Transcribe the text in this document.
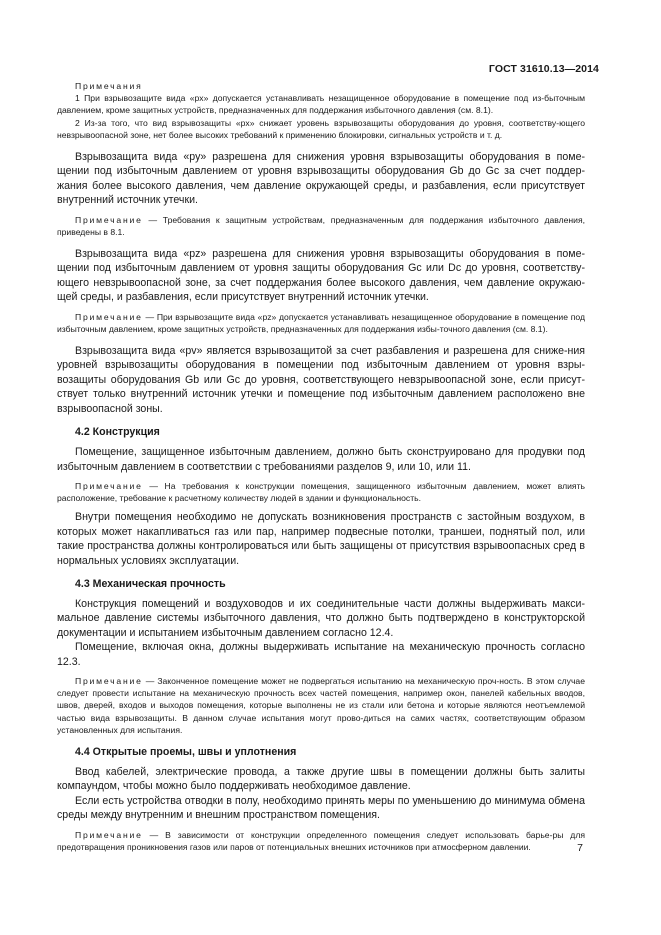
ГОСТ 31610.13—2014

Примечания

1 При взрывозащите вида «px» допускается устанавливать незащищенное оборудование в помещение под из-быточным давлением, кроме защитных устройств, предназначенных для поддержания избыточного давления (см. 8.1).

2 Из-за того, что вид взрывозащиты «px» снижает уровень взрывозащиты оборудования до уровня, соответству-ющего невзрывоопасной зоне, нет более высоких требований к применению блокировки, сигнальных устройств и т. д.

Взрывозащита вида «py» разрешена для снижения уровня взрывозащиты оборудования в поме-щении под избыточным давлением от уровня взрывозащиты оборудования Gb до Gc за счет поддер-жания более высокого давления, чем давление окружающей среды, и разбавления, если присутствует внутренний источник утечки.

Примечание — Требования к защитным устройствам, предназначенным для поддержания избыточного давления, приведены в 8.1.

Взрывозащита вида «pz» разрешена для снижения уровня взрывозащиты оборудования в поме-щении под избыточным давлением от уровня защиты оборудования Gc или Dc до уровня, соответству-ющего невзрывоопасной зоне, за счет поддержания более высокого давления, чем давление окружаю-щей среды, и разбавления, если присутствует внутренний источник утечки.

Примечание — При взрывозащите вида «pz» допускается устанавливать незащищенное оборудование в помещение под избыточным давлением, кроме защитных устройств, предназначенных для поддержания избы-точного давления (см. 8.1).

Взрывозащита вида «pv» является взрывозащитой за счет разбавления и разрешена для сниже-ния уровней взрывозащиты оборудования в помещении под избыточным давлением от уровня взры-возащиты оборудования Gb или Gc до уровня, соответствующего невзрывоопасной зоне, если присут-ствует только внутренний источник утечки и помещение под избыточным давлением расположено вне взрывоопасной зоны.

4.2 Конструкция

Помещение, защищенное избыточным давлением, должно быть сконструировано для продувки под избыточным давлением в соответствии с требованиями разделов 9, или 10, или 11.

Примечание — На требования к конструкции помещения, защищенного избыточным давлением, может влиять расположение, требование к расчетному количеству людей в здании и функциональность.

Внутри помещения необходимо не допускать возникновения пространств с застойным воздухом, в которых может накапливаться газ или пар, например подвесные потолки, траншеи, поднятый пол, или такие пространства должны контролироваться или быть защищены от присутствия взрывоопасных сред в нормальных условиях эксплуатации.

4.3 Механическая прочность

Конструкция помещений и воздуховодов и их соединительные части должны выдерживать макси-мальное давление системы избыточного давления, что должно быть подтверждено в конструкторской документации и испытанием избыточным давлением согласно 12.4.

Помещение, включая окна, должны выдерживать испытание на механическую прочность согласно 12.3.

Примечание — Законченное помещение может не подвергаться испытанию на механическую проч-ность. В этом случае следует провести испытание на механическую прочность всех частей помещения, например окон, панелей кабельных вводов, швов, дверей, входов и выходов помещения, которые выполнены не из стали или бетона и которые являются неотъемлемой частью вида взрывозащиты. В данном случае испытания могут прово-диться на самих частях, соответствующим образом установленных для испытания.

4.4 Открытые проемы, швы и уплотнения

Ввод кабелей, электрические провода, а также другие швы в помещении должны быть залиты компаундом, чтобы можно было поддерживать необходимое давление.

Если есть устройства отводки в полу, необходимо принять меры по уменьшению до минимума обмена среды между внутренним и внешним пространством помещения.

Примечание — В зависимости от конструкции определенного помещения следует использовать барье-ры для предотвращения проникновения газов или паров от потенциальных внешних источников при атмосферном давлении.	7
